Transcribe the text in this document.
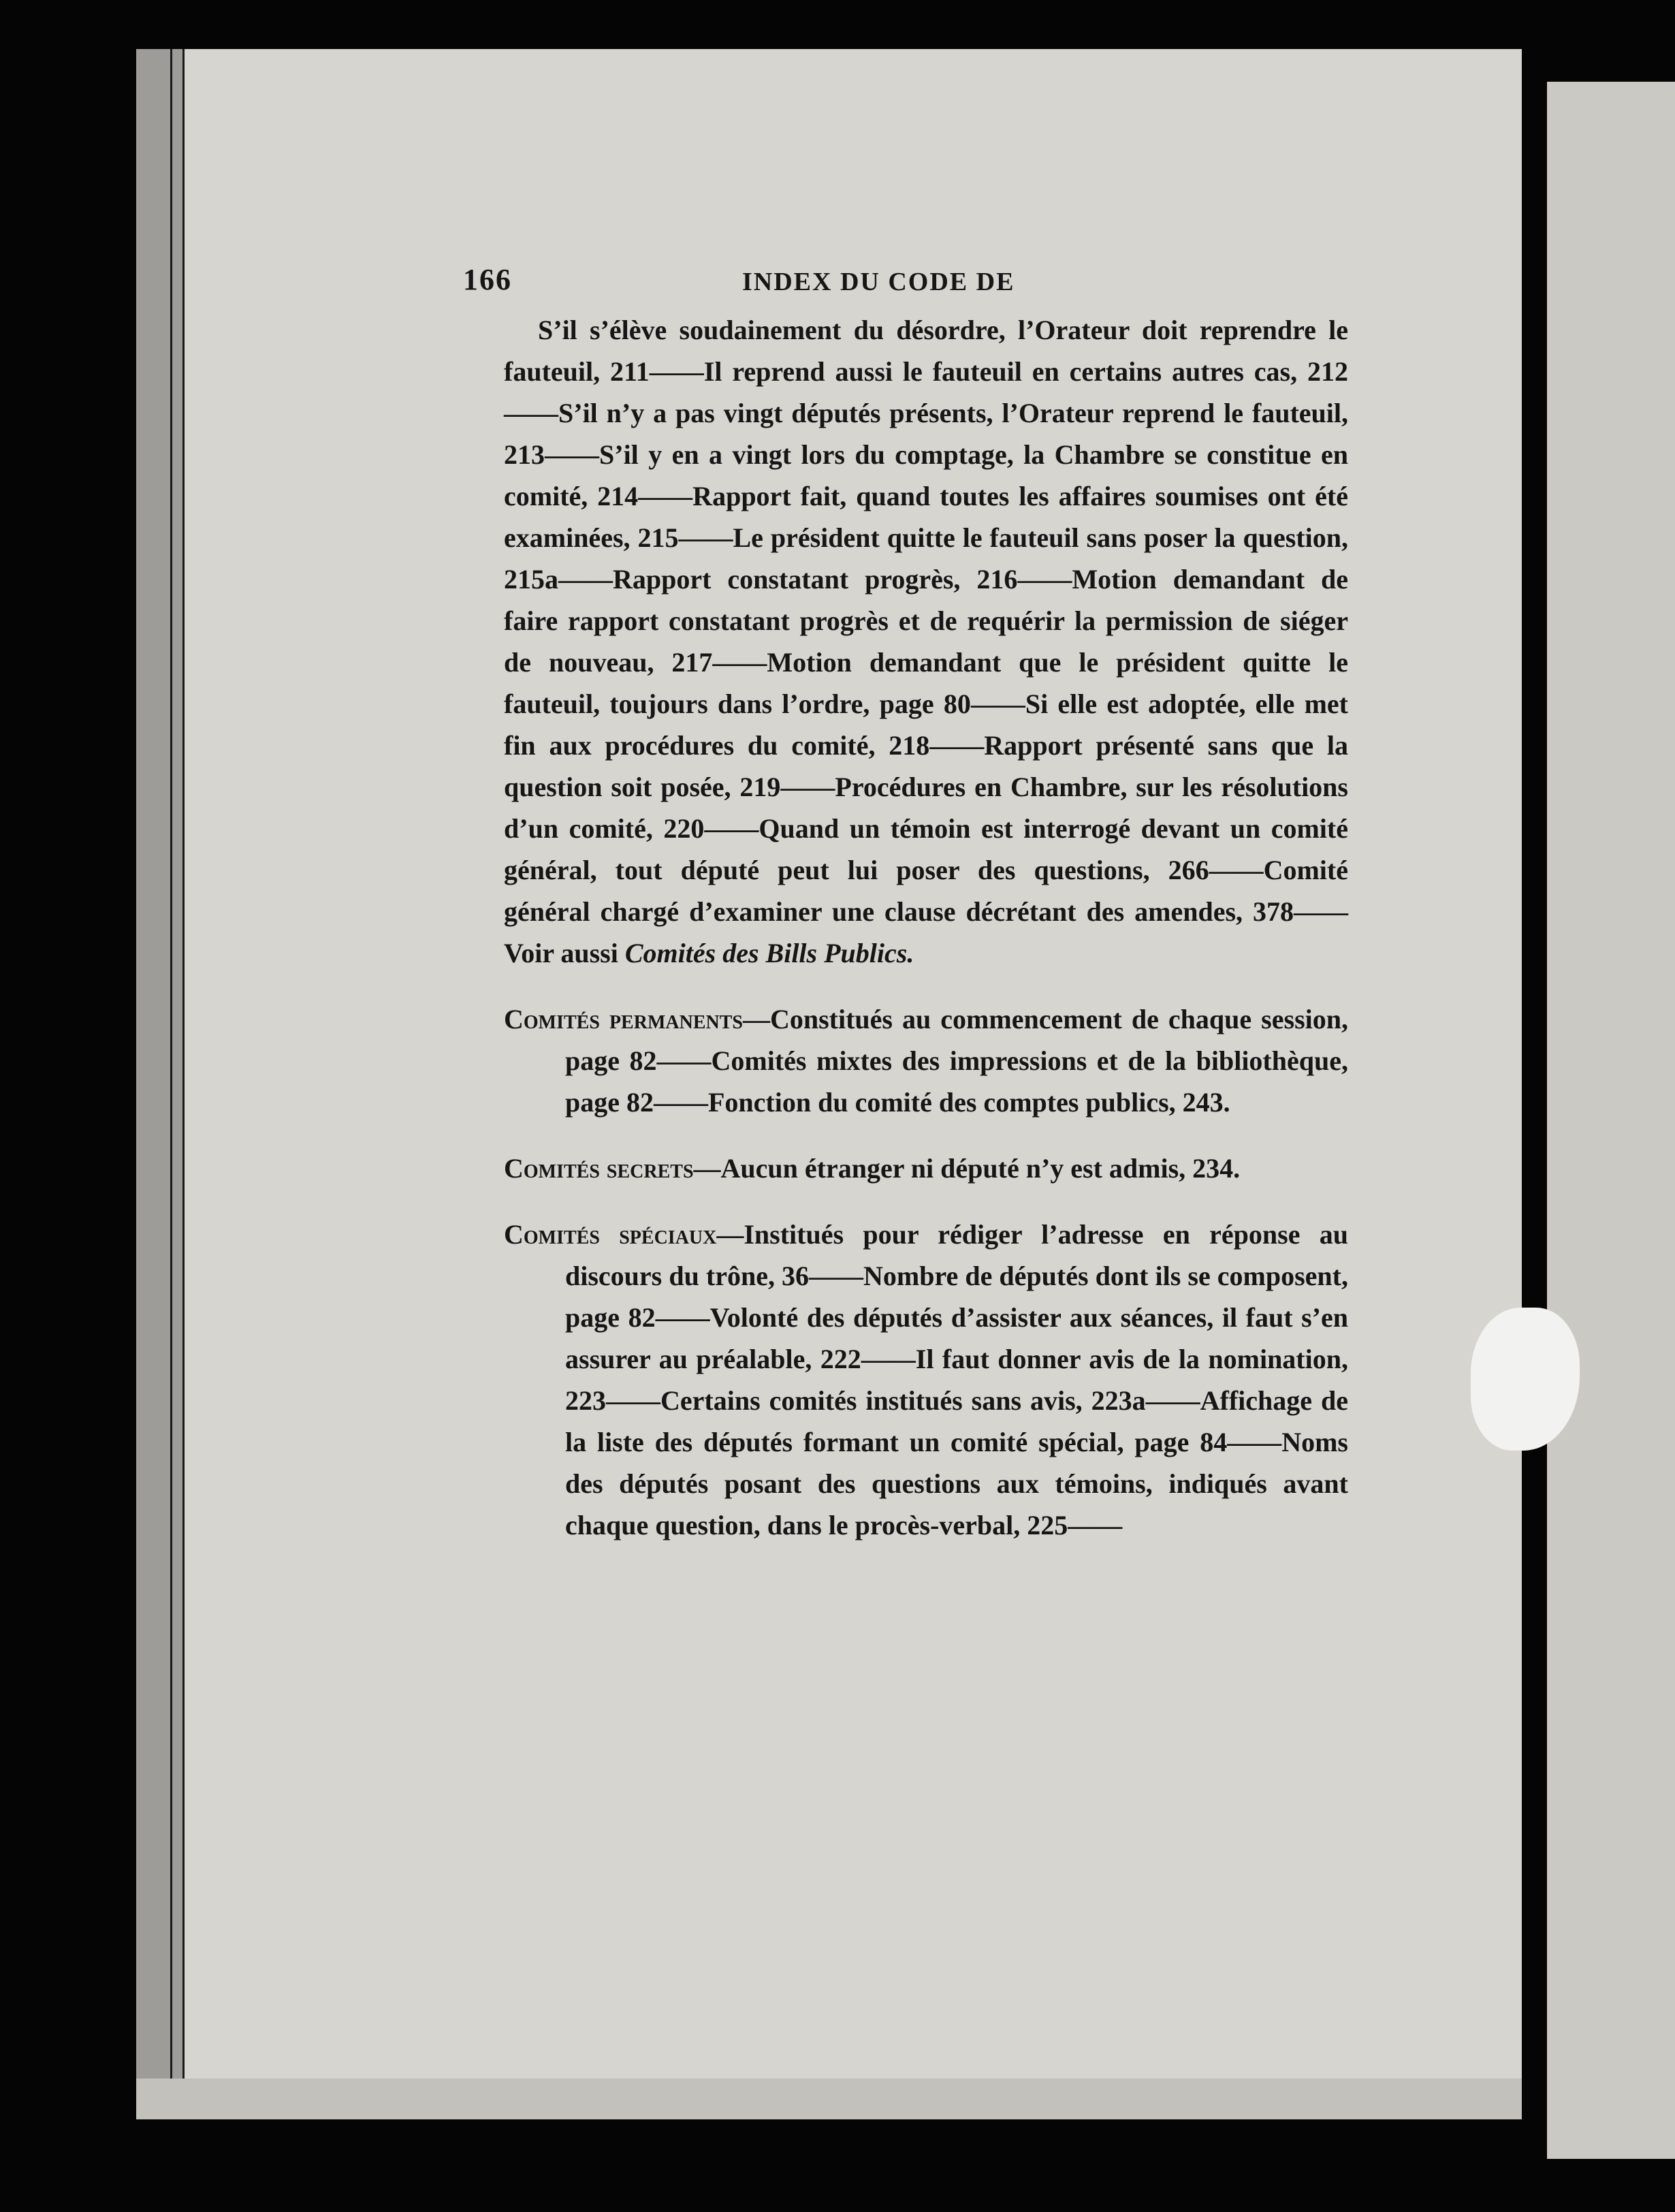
166	INDEX DU CODE DE

S’il s’élève soudainement du désordre, l’Orateur doit reprendre le fauteuil, 211——Il reprend aussi le fauteuil en certains autres cas, 212——S’il n’y a pas vingt députés présents, l’Orateur reprend le fauteuil, 213——S’il y en a vingt lors du comptage, la Chambre se constitue en comité, 214——Rapport fait, quand toutes les affaires soumises ont été examinées, 215——Le président quitte le fauteuil sans poser la question, 215a——Rapport constatant progrès, 216——Motion demandant de faire rapport constatant progrès et de requérir la permission de siéger de nouveau, 217——Motion demandant que le président quitte le fauteuil, toujours dans l’ordre, page 80——Si elle est adoptée, elle met fin aux procédures du comité, 218——Rapport présenté sans que la question soit posée, 219——Procédures en Chambre, sur les résolutions d’un comité, 220——Quand un témoin est interrogé devant un comité général, tout député peut lui poser des questions, 266——Comité général chargé d’examiner une clause décrétant des amendes, 378——Voir aussi Comités des Bills Publics.

Comités permanents—Constitués au commencement de chaque session, page 82——Comités mixtes des impressions et de la bibliothèque, page 82——Fonction du comité des comptes publics, 243.

Comités secrets—Aucun étranger ni député n’y est admis, 234.

Comités spéciaux—Institués pour rédiger l’adresse en réponse au discours du trône, 36——Nombre de députés dont ils se composent, page 82——Volonté des députés d’assister aux séances, il faut s’en assurer au préalable, 222——Il faut donner avis de la nomination, 223——Certains comités institués sans avis, 223a——Affichage de la liste des députés formant un comité spécial, page 84——Noms des députés posant des questions aux témoins, indiqués avant chaque question, dans le procès-verbal, 225——
